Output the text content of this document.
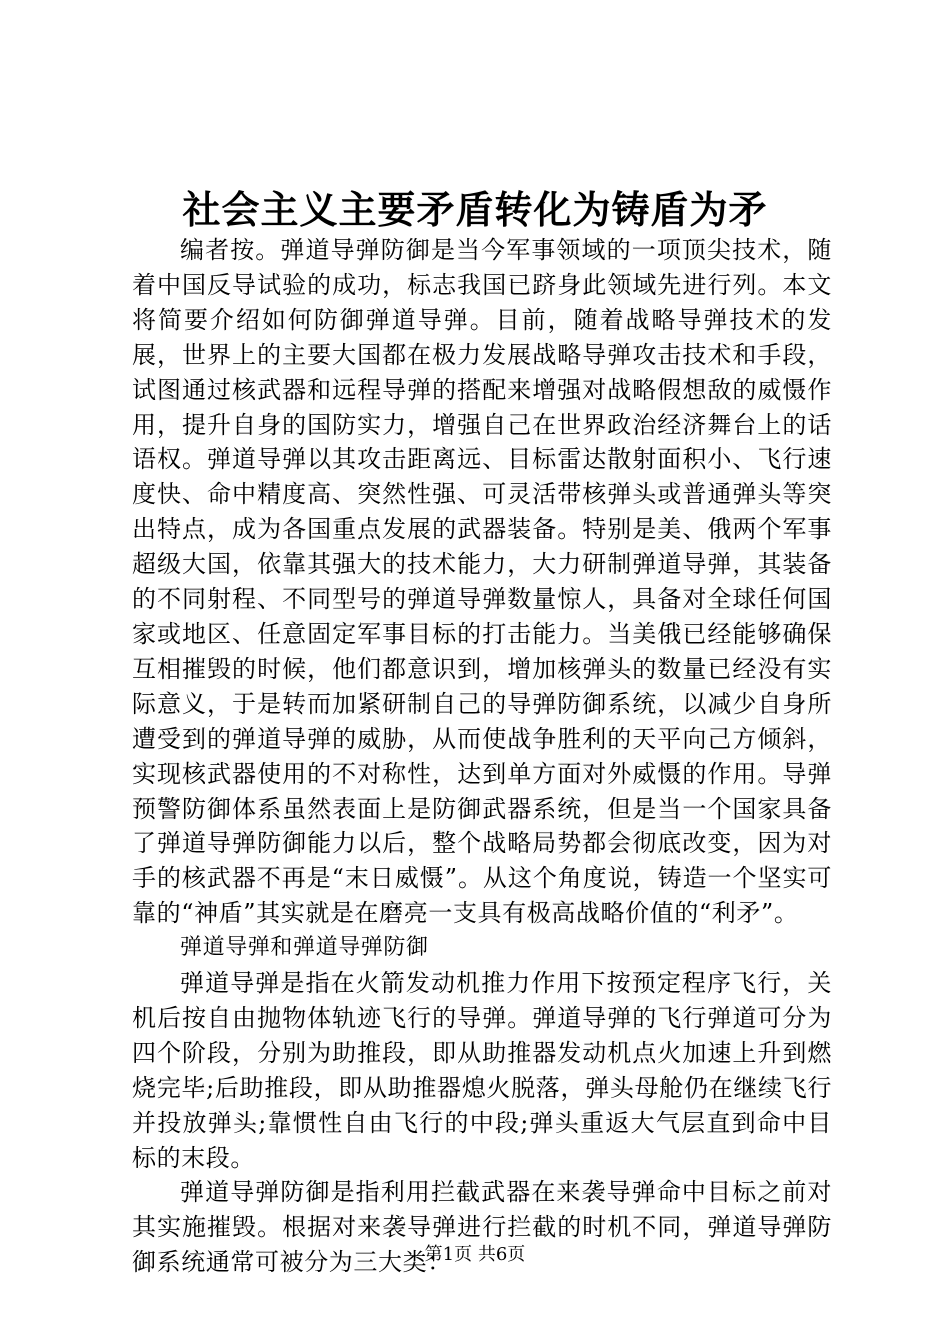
社会主义主要矛盾转化为铸盾为矛

编者按。弹道导弹防御是当今军事领域的一项顶尖技术，随着中国反导试验的成功，标志我国已跻身此领域先进行列。本文将简要介绍如何防御弹道导弹。目前，随着战略导弹技术的发展，世界上的主要大国都在极力发展战略导弹攻击技术和手段，试图通过核武器和远程导弹的搭配来增强对战略假想敌的威慑作用，提升自身的国防实力，增强自己在世界政治经济舞台上的话语权。弹道导弹以其攻击距离远、目标雷达散射面积小、飞行速度快、命中精度高、突然性强、可灵活带核弹头或普通弹头等突出特点，成为各国重点发展的武器装备。特别是美、俄两个军事超级大国，依靠其强大的技术能力，大力研制弹道导弹，其装备的不同射程、不同型号的弹道导弹数量惊人，具备对全球任何国家或地区、任意固定军事目标的打击能力。当美俄已经能够确保互相摧毁的时候，他们都意识到，增加核弹头的数量已经没有实际意义，于是转而加紧研制自己的导弹防御系统，以减少自身所遭受到的弹道导弹的威胁，从而使战争胜利的天平向己方倾斜，实现核武器使用的不对称性，达到单方面对外威慑的作用。导弹预警防御体系虽然表面上是防御武器系统，但是当一个国家具备了弹道导弹防御能力以后，整个战略局势都会彻底改变，因为对手的核武器不再是“末日威慑”。从这个角度说，铸造一个坚实可靠的“神盾”其实就是在磨亮一支具有极高战略价值的“利矛”。

弹道导弹和弹道导弹防御

弹道导弹是指在火箭发动机推力作用下按预定程序飞行，关机后按自由抛物体轨迹飞行的导弹。弹道导弹的飞行弹道可分为四个阶段，分别为助推段，即从助推器发动机点火加速上升到燃烧完毕;后助推段，即从助推器熄火脱落，弹头母舱仍在继续飞行并投放弹头;靠惯性自由飞行的中段;弹头重返大气层直到命中目标的末段。

弹道导弹防御是指利用拦截武器在来袭导弹命中目标之前对其实施摧毁。根据对来袭导弹进行拦截的时机不同，弹道导弹防御系统通常可被分为三大类：

第1页 共6页
